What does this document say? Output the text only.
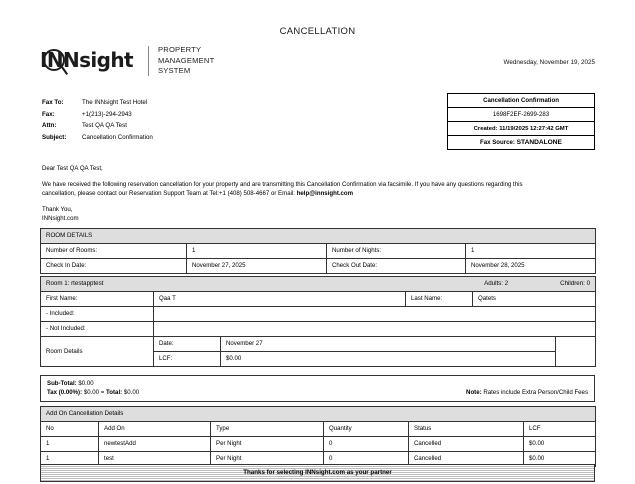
CANCELLATION
INNsight	PROPERTY
MANAGEMENT
SYSTEM
Wednesday, November 19, 2025
Fax To:	The INNsight Test Hotel
Fax:	+1(213)-294-2943
Attn:	Test QA QA Test
Subject:	Cancellation Confirmation
Cancellation Confirmation
1698F2EF-2699-283
Created: 11/19/2025 12:27:42 GMT
Fax Source: STANDALONE

Dear Test QA QA Test,

We have received the following reservation cancellation for your property and are transmitting this Cancellation Confirmation via facsimile. If you have any questions regarding this cancellation, please contact our Reservation Support Team at Tel:+1 (408) 508-4667 or Email: help@innsight.com

Thank You,
INNsight.com

ROOM DETAILS			
Number of Rooms:	1	Number of Nights:	1
Check In Date:	November 27, 2025	Check Out Date:	November 28, 2025
Room 1: rtestapptest Adults: 2 Children: 0					

First Name:	Qaa T		Last Name:	Qatets	
- Included:					
- Not Included:					
Room Details	Date:	November 27			
	LCF:	$0.00			
Sub-Total: $0.00
Tax (0.00%): $0.00 = Total: $0.00	Note: Rates include Extra Person/Child Fees
Add On Cancellation Details					
No	Add On	Type	Quantity	Status	LCF
1	newtestAdd	Per Night	0	Cancelled	$0.00
1	test	Per Night	0	Cancelled	$0.00
Thanks for selecting INNsight.com as your partner
